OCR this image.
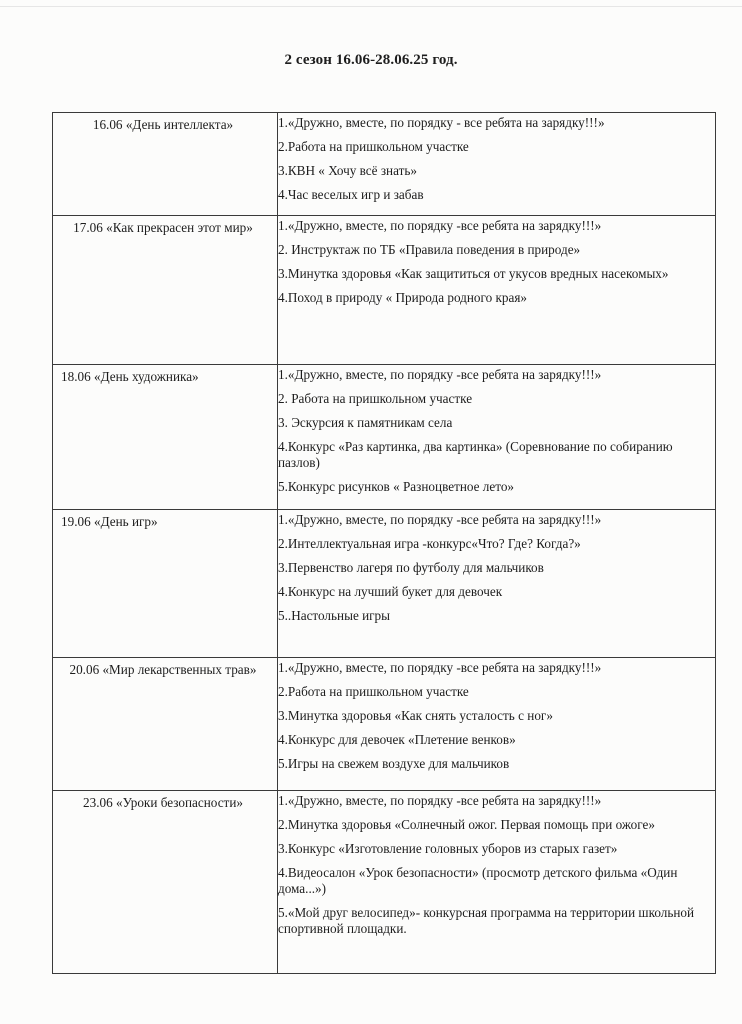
2 сезон 16.06-28.06.25 год.
16.06 «День интеллекта»	1.«Дружно, вместе, по порядку - все ребята на зарядку!!!»
2.Работа на пришкольном участке
3.КВН « Хочу всё знать»
4.Час веселых игр и забав

17.06 «Как прекрасен этот мир»	1.«Дружно, вместе, по порядку -все ребята на зарядку!!!»
2. Инструктаж по ТБ «Правила поведения в природе»
3.Минутка здоровья «Как защититься от укусов вредных насекомых»
4.Поход в природу « Природа родного края»

18.06 «День художника»	1.«Дружно, вместе, по порядку -все ребята на зарядку!!!»
2. Работа на пришкольном участке
3. Эскурсия к памятникам села
4.Конкурс «Раз картинка, два картинка» (Соревнование по собиранию пазлов)
5.Конкурс рисунков « Разноцветное лето»

19.06 «День игр»	1.«Дружно, вместе, по порядку -все ребята на зарядку!!!»
2.Интеллектуальная игра -конкурс«Что? Где? Когда?»
3.Первенство лагеря по футболу для мальчиков
4.Конкурс на лучший букет для девочек
5..Настольные игры

20.06 «Мир лекарственных трав»	1.«Дружно, вместе, по порядку -все ребята на зарядку!!!»
2.Работа на пришкольном участке
3.Минутка здоровья «Как снять усталость с ног»
4.Конкурс для девочек «Плетение венков»
5.Игры на свежем воздухе для мальчиков

23.06 «Уроки безопасности»	1.«Дружно, вместе, по порядку -все ребята на зарядку!!!»
2.Минутка здоровья «Солнечный ожог. Первая помощь при ожоге»
3.Конкурс «Изготовление головных уборов из старых газет»
4.Видеосалон «Урок безопасности» (просмотр детского фильма «Один дома...»)
5.«Мой друг велосипед»- конкурсная программа на территории школьной спортивной площадки.
